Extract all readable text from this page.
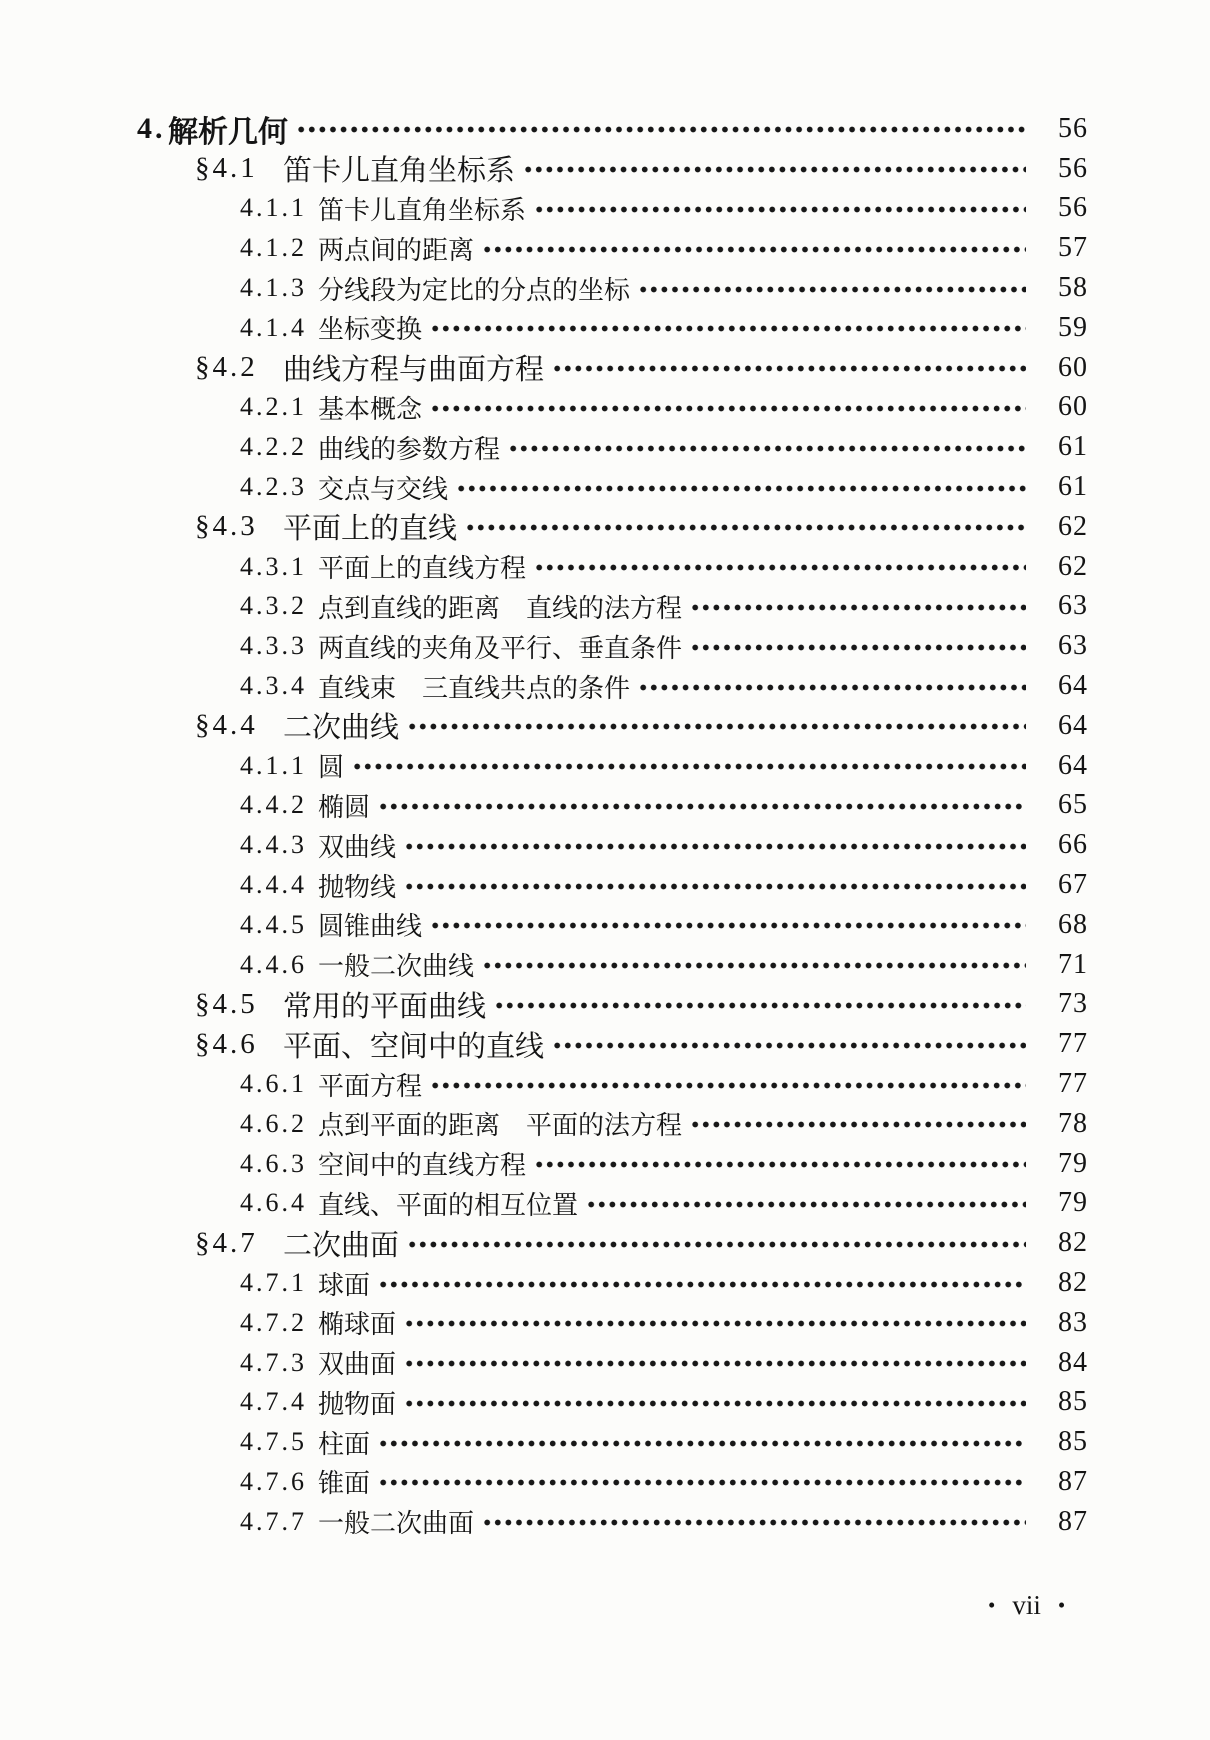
4. 解析几何	56
§4.1 笛卡儿直角坐标系	56
4.1.1 笛卡儿直角坐标系	56
4.1.2 两点间的距离	57
4.1.3 分线段为定比的分点的坐标	58
4.1.4 坐标变换	59
§4.2 曲线方程与曲面方程	60
4.2.1 基本概念	60
4.2.2 曲线的参数方程	61
4.2.3 交点与交线	61
§4.3 平面上的直线	62
4.3.1 平面上的直线方程	62
4.3.2 点到直线的距离　直线的法方程	63
4.3.3 两直线的夹角及平行、垂直条件	63
4.3.4 直线束　三直线共点的条件	64
§4.4 二次曲线	64
4.1.1 圆	64
4.4.2 椭圆	65
4.4.3 双曲线	66
4.4.4 抛物线	67
4.4.5 圆锥曲线	68
4.4.6 一般二次曲线	71
§4.5 常用的平面曲线	73
§4.6 平面、空间中的直线	77
4.6.1 平面方程	77
4.6.2 点到平面的距离　平面的法方程	78
4.6.3 空间中的直线方程	79
4.6.4 直线、平面的相互位置	79
§4.7 二次曲面	82
4.7.1 球面	82
4.7.2 椭球面	83
4.7.3 双曲面	84
4.7.4 抛物面	85
4.7.5 柱面	85
4.7.6 锥面	87
4.7.7 一般二次曲面	87
• vii •
